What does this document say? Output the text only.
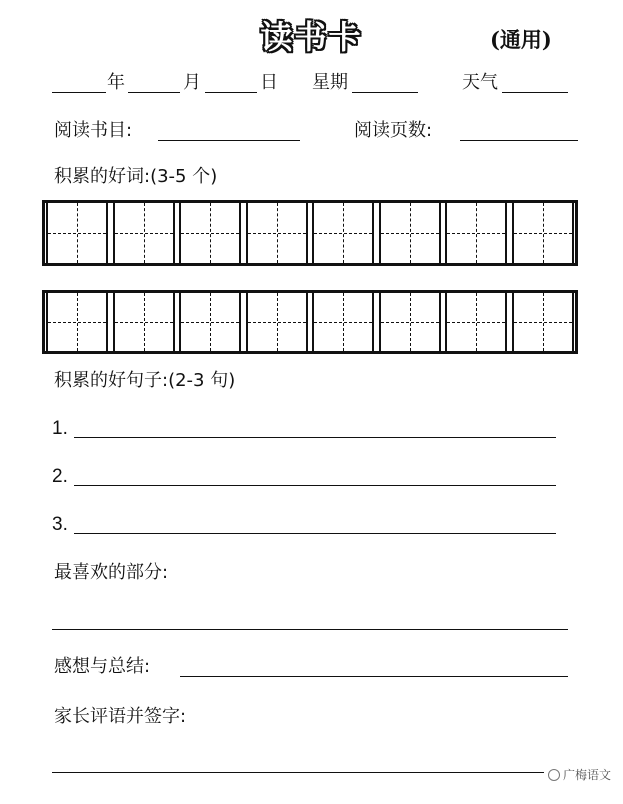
读书卡	(通用)
年	月	日 星期	天气
阅读书目:	阅读页数:
积累的好词:(3-5 个)
积累的好句子:(2-3 句)
1.
2.
3.
最喜欢的部分:
感想与总结:
家长评语并签字:
广梅语文
